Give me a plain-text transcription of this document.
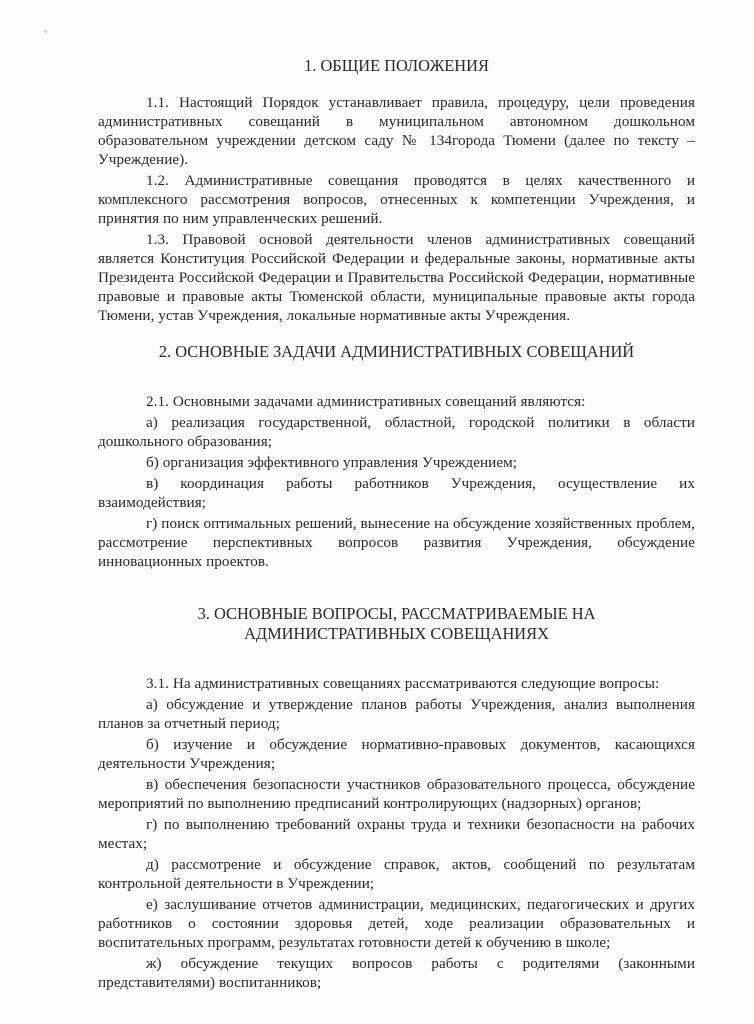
1. ОБЩИЕ ПОЛОЖЕНИЯ

1.1. Настоящий Порядок устанавливает правила, процедуру, цели проведения административных совещаний в муниципальном автономном дошкольном образовательном учреждении детском саду № 134города Тюмени (далее по тексту – Учреждение).

1.2. Административные совещания проводятся в целях качественного и комплексного рассмотрения вопросов, отнесенных к компетенции Учреждения, и принятия по ним управленческих решений.

1.3. Правовой основой деятельности членов административных совещаний является Конституция Российской Федерации и федеральные законы, нормативные акты Президента Российской Федерации и Правительства Российской Федерации, нормативные правовые и правовые акты Тюменской области, муниципальные правовые акты города Тюмени, устав Учреждения, локальные нормативные акты Учреждения.

2. ОСНОВНЫЕ ЗАДАЧИ АДМИНИСТРАТИВНЫХ СОВЕЩАНИЙ

2.1. Основными задачами административных совещаний являются:

а) реализация государственной, областной, городской политики в области дошкольного образования;

б) организация эффективного управления Учреждением;

в) координация работы работников Учреждения, осуществление их взаимодействия;

г) поиск оптимальных решений, вынесение на обсуждение хозяйственных проблем, рассмотрение перспективных вопросов развития Учреждения, обсуждение инновационных проектов.

3. ОСНОВНЫЕ ВОПРОСЫ, РАССМАТРИВАЕМЫЕ НА АДМИНИСТРАТИВНЫХ СОВЕЩАНИЯХ

3.1. На административных совещаниях рассматриваются следующие вопросы:

а) обсуждение и утверждение планов работы Учреждения, анализ выполнения планов за отчетный период;

б) изучение и обсуждение нормативно-правовых документов, касающихся деятельности Учреждения;

в) обеспечения безопасности участников образовательного процесса, обсуждение мероприятий по выполнению предписаний контролирующих (надзорных) органов;

г) по выполнению требований охраны труда и техники безопасности на рабочих местах;

д) рассмотрение и обсуждение справок, актов, сообщений по результатам контрольной деятельности в Учреждении;

е) заслушивание отчетов администрации, медицинских, педагогических и других работников о состоянии здоровья детей, ходе реализации образовательных и воспитательных программ, результатах готовности детей к обучению в школе;

ж) обсуждение текущих вопросов работы с родителями (законными представителями) воспитанников;
